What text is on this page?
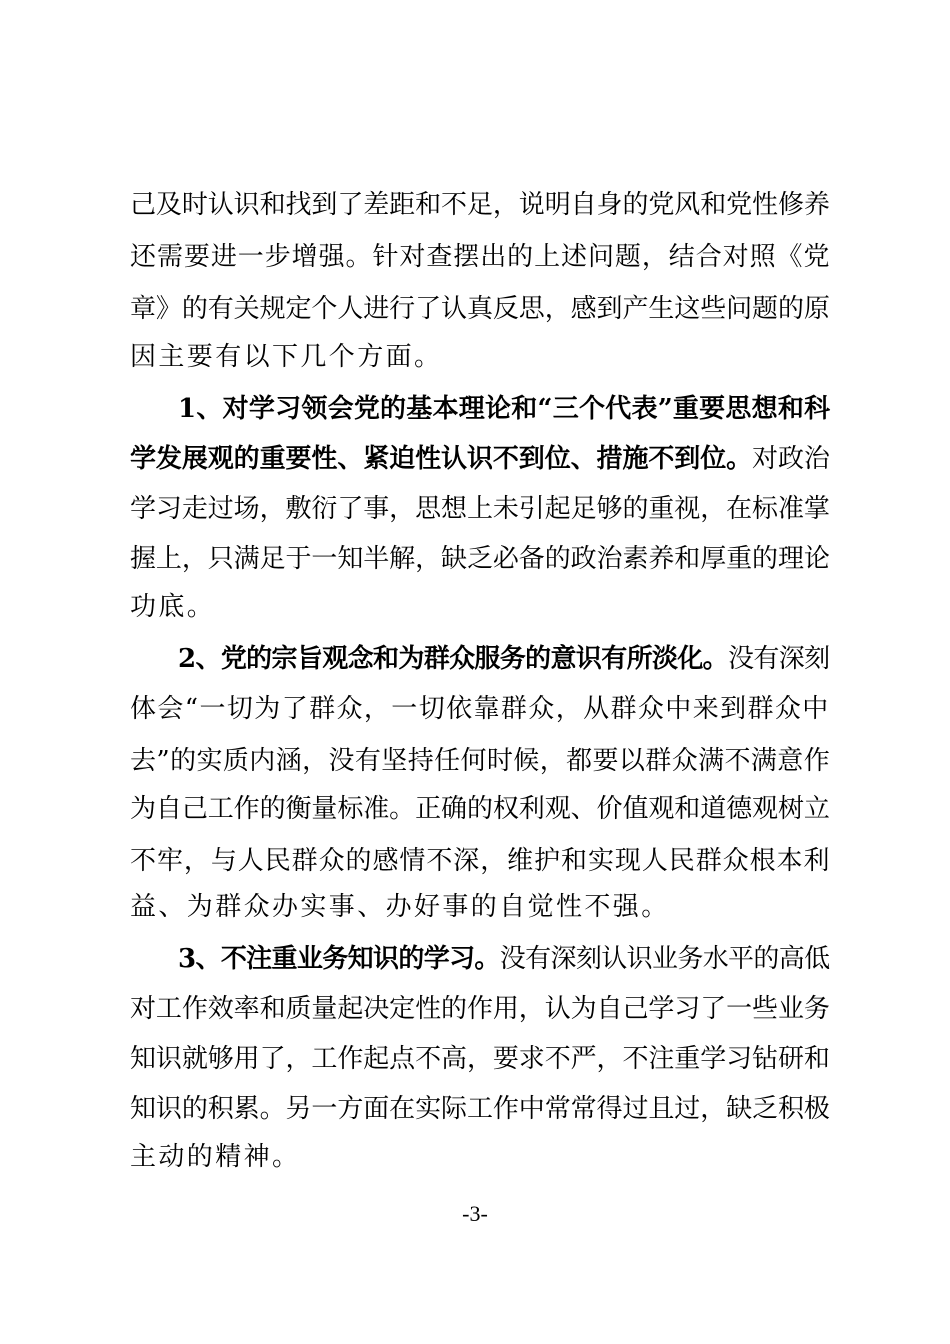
己及时认识和找到了差距和不足，说明自身的党风和党性修养

还需要进一步增强。针对查摆出的上述问题，结合对照《党

章》的有关规定个人进行了认真反思，感到产生这些问题的原

因主要有以下几个方面。

1、对学习领会党的基本理论和“三个代表”重要思想和科

学发展观的重要性、紧迫性认识不到位、措施不到位。对政治

学习走过场，敷衍了事，思想上未引起足够的重视，在标准掌

握上，只满足于一知半解，缺乏必备的政治素养和厚重的理论

功底。

2、党的宗旨观念和为群众服务的意识有所淡化。没有深刻

体会“一切为了群众，一切依靠群众，从群众中来到群众中

去”的实质内涵，没有坚持任何时候，都要以群众满不满意作

为自己工作的衡量标准。正确的权利观、价值观和道德观树立

不牢，与人民群众的感情不深，维护和实现人民群众根本利

益、为群众办实事、办好事的自觉性不强。

3、不注重业务知识的学习。没有深刻认识业务水平的高低

对工作效率和质量起决定性的作用，认为自己学习了一些业务

知识就够用了，工作起点不高，要求不严，不注重学习钻研和

知识的积累。另一方面在实际工作中常常得过且过，缺乏积极

主动的精神。

-3-
